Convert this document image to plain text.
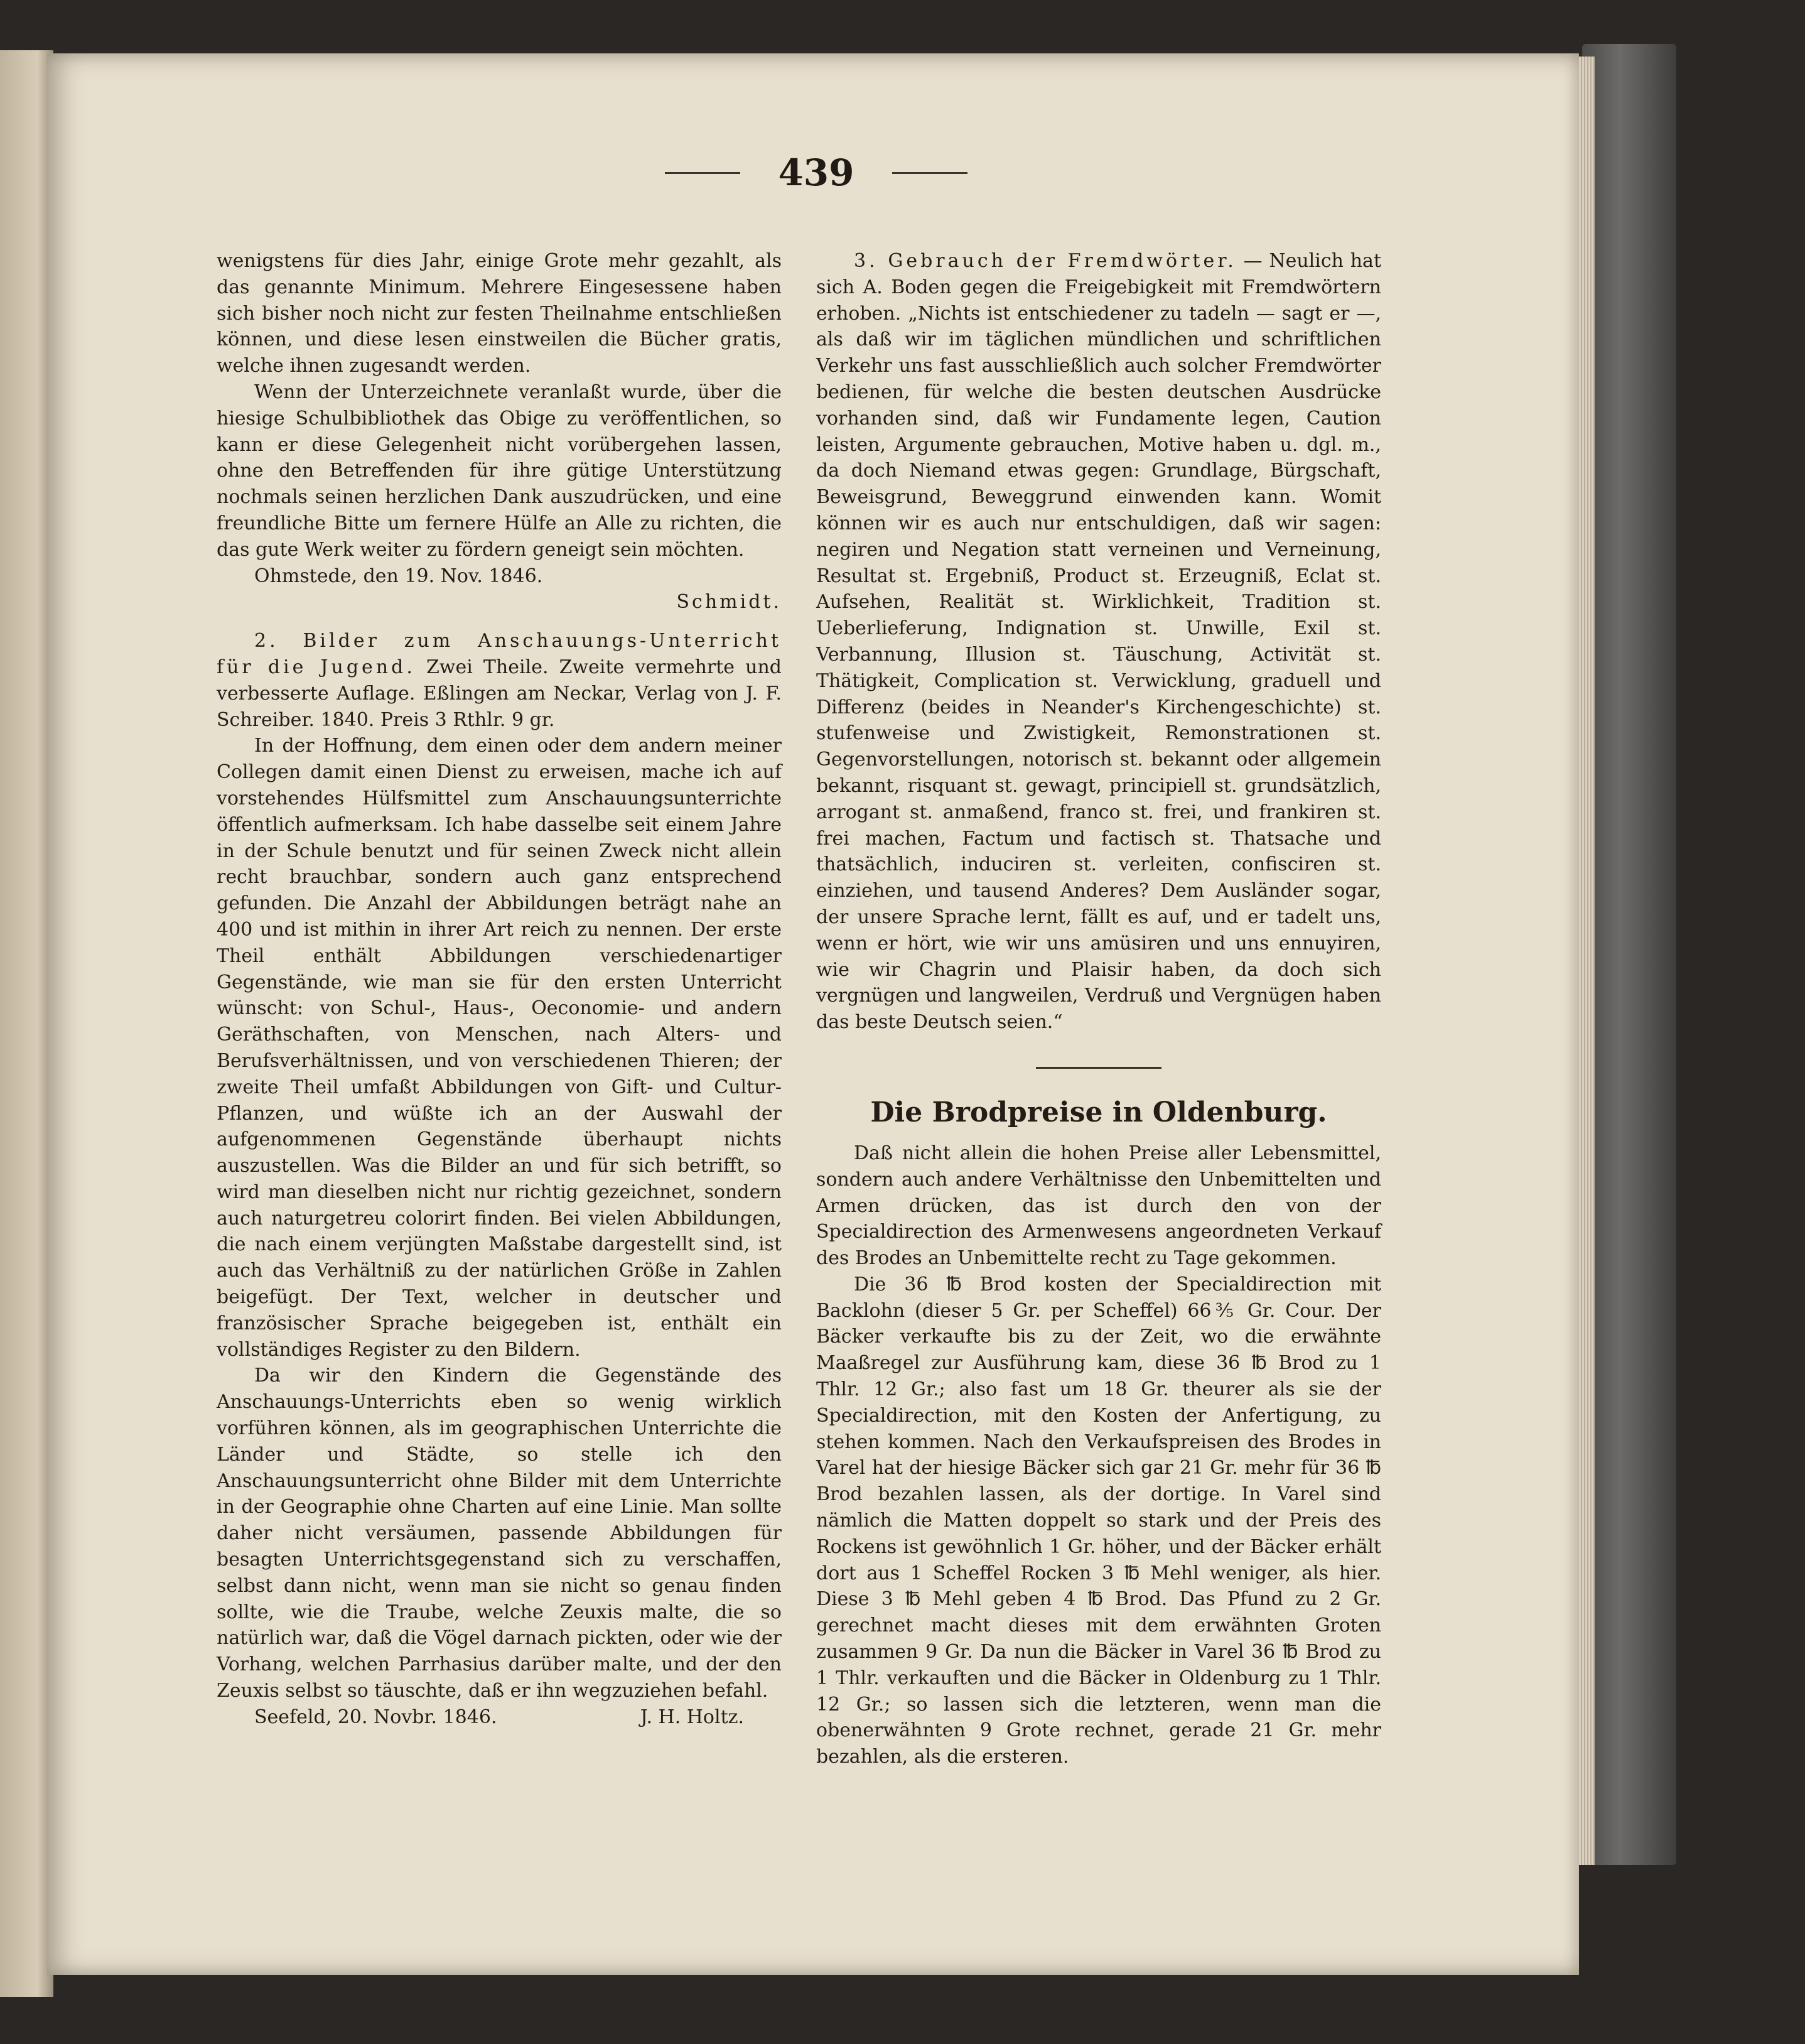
439

wenigstens für dies Jahr, einige Grote mehr gezahlt, als das genannte Minimum. Mehrere Eingesessene haben sich bisher noch nicht zur festen Theilnahme entschließen können, und diese lesen einstweilen die Bücher gratis, welche ihnen zugesandt werden.

Wenn der Unterzeichnete veranlaßt wurde, über die hiesige Schulbibliothek das Obige zu veröffentlichen, so kann er diese Gelegenheit nicht vorübergehen lassen, ohne den Betreffenden für ihre gütige Unterstützung nochmals seinen herzlichen Dank auszudrücken, und eine freundliche Bitte um fernere Hülfe an Alle zu richten, die das gute Werk weiter zu fördern geneigt sein möchten.

Ohmstede, den 19. Nov. 1846.

Schmidt.

2. Bilder zum Anschauungs-Unterricht für die Jugend. Zwei Theile. Zweite vermehrte und verbesserte Auflage. Eßlingen am Neckar, Verlag von J. F. Schreiber. 1840. Preis 3 Rthlr. 9 gr.

In der Hoffnung, dem einen oder dem andern meiner Collegen damit einen Dienst zu erweisen, mache ich auf vorstehendes Hülfsmittel zum Anschauungsunterrichte öffentlich aufmerksam. Ich habe dasselbe seit einem Jahre in der Schule benutzt und für seinen Zweck nicht allein recht brauchbar, sondern auch ganz entsprechend gefunden. Die Anzahl der Abbildungen beträgt nahe an 400 und ist mithin in ihrer Art reich zu nennen. Der erste Theil enthält Abbildungen verschiedenartiger Gegenstände, wie man sie für den ersten Unterricht wünscht: von Schul-, Haus-, Oeconomie- und andern Geräthschaften, von Menschen, nach Alters- und Berufsverhältnissen, und von verschiedenen Thieren; der zweite Theil umfaßt Abbildungen von Gift- und Cultur-Pflanzen, und wüßte ich an der Auswahl der aufgenommenen Gegenstände überhaupt nichts auszustellen. Was die Bilder an und für sich betrifft, so wird man dieselben nicht nur richtig gezeichnet, sondern auch naturgetreu colorirt finden. Bei vielen Abbildungen, die nach einem verjüngten Maßstabe dargestellt sind, ist auch das Verhältniß zu der natürlichen Größe in Zahlen beigefügt. Der Text, welcher in deutscher und französischer Sprache beigegeben ist, enthält ein vollständiges Register zu den Bildern.

Da wir den Kindern die Gegenstände des Anschauungs-Unterrichts eben so wenig wirklich vorführen können, als im geographischen Unterrichte die Länder und Städte, so stelle ich den Anschauungsunterricht ohne Bilder mit dem Unterrichte in der Geographie ohne Charten auf eine Linie. Man sollte daher nicht versäumen, passende Abbildungen für besagten Unterrichtsgegenstand sich zu verschaffen, selbst dann nicht, wenn man sie nicht so genau finden sollte, wie die Traube, welche Zeuxis malte, die so natürlich war, daß die Vögel darnach pickten, oder wie der Vorhang, welchen Parrhasius darüber malte, und der den Zeuxis selbst so täuschte, daß er ihn wegzuziehen befahl.

Seefeld, 20. Novbr. 1846.	J. H. Holtz.

3. Gebrauch der Fremdwörter. — Neulich hat sich A. Boden gegen die Freigebigkeit mit Fremdwörtern erhoben. „Nichts ist entschiedener zu tadeln — sagt er —, als daß wir im täglichen mündlichen und schriftlichen Verkehr uns fast ausschließlich auch solcher Fremdwörter bedienen, für welche die besten deutschen Ausdrücke vorhanden sind, daß wir Fundamente legen, Caution leisten, Argumente gebrauchen, Motive haben u. dgl. m., da doch Niemand etwas gegen: Grundlage, Bürgschaft, Beweisgrund, Beweggrund einwenden kann. Womit können wir es auch nur entschuldigen, daß wir sagen: negiren und Negation statt verneinen und Verneinung, Resultat st. Ergebniß, Product st. Erzeugniß, Eclat st. Aufsehen, Realität st. Wirklichkeit, Tradition st. Ueberlieferung, Indignation st. Unwille, Exil st. Verbannung, Illusion st. Täuschung, Activität st. Thätigkeit, Complication st. Verwicklung, graduell und Differenz (beides in Neander's Kirchengeschichte) st. stufenweise und Zwistigkeit, Remonstrationen st. Gegenvorstellungen, notorisch st. bekannt oder allgemein bekannt, risquant st. gewagt, principiell st. grundsätzlich, arrogant st. anmaßend, franco st. frei, und frankiren st. frei machen, Factum und factisch st. Thatsache und thatsächlich, induciren st. verleiten, confisciren st. einziehen, und tausend Anderes? Dem Ausländer sogar, der unsere Sprache lernt, fällt es auf, und er tadelt uns, wenn er hört, wie wir uns amüsiren und uns ennuyiren, wie wir Chagrin und Plaisir haben, da doch sich vergnügen und langweilen, Verdruß und Vergnügen haben das beste Deutsch seien.“

Die Brodpreise in Oldenburg.

Daß nicht allein die hohen Preise aller Lebensmittel, sondern auch andere Verhältnisse den Unbemittelten und Armen drücken, das ist durch den von der Specialdirection des Armenwesens angeordneten Verkauf des Brodes an Unbemittelte recht zu Tage gekommen.

Die 36 ℔ Brod kosten der Specialdirection mit Backlohn (dieser 5 Gr. per Scheffel) 66⅗ Gr. Cour. Der Bäcker verkaufte bis zu der Zeit, wo die erwähnte Maaßregel zur Ausführung kam, diese 36 ℔ Brod zu 1 Thlr. 12 Gr.; also fast um 18 Gr. theurer als sie der Specialdirection, mit den Kosten der Anfertigung, zu stehen kommen. Nach den Verkaufspreisen des Brodes in Varel hat der hiesige Bäcker sich gar 21 Gr. mehr für 36 ℔ Brod bezahlen lassen, als der dortige. In Varel sind nämlich die Matten doppelt so stark und der Preis des Rockens ist gewöhnlich 1 Gr. höher, und der Bäcker erhält dort aus 1 Scheffel Rocken 3 ℔ Mehl weniger, als hier. Diese 3 ℔ Mehl geben 4 ℔ Brod. Das Pfund zu 2 Gr. gerechnet macht dieses mit dem erwähnten Groten zusammen 9 Gr. Da nun die Bäcker in Varel 36 ℔ Brod zu 1 Thlr. verkauften und die Bäcker in Oldenburg zu 1 Thlr. 12 Gr.; so lassen sich die letzteren, wenn man die obenerwähnten 9 Grote rechnet, gerade 21 Gr. mehr bezahlen, als die ersteren.
